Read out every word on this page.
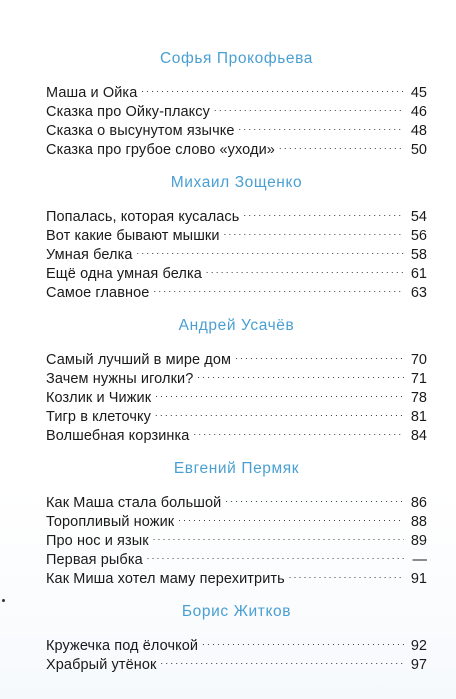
Софья Прокофьева
Маша и Ойка . . .	45
Сказка про Ойку-плаксу . . .	46
Сказка о высунутом язычке . . .	48
Сказка про грубое слово «уходи» . . .	50
Михаил Зощенко
Попалась, которая кусалась . . .	54
Вот какие бывают мышки . . .	56
Умная белка . . .	58
Ещё одна умная белка . . .	61
Самое главное . . .	63
Андрей Усачёв
Самый лучший в мире дом . . .	70
Зачем нужны иголки? . . .	71
Козлик и Чижик . . .	78
Тигр в клеточку . . .	81
Волшебная корзинка . . .	84
Евгений Пермяк
Как Маша стала большой . . .	86
Торопливый ножик . . .	88
Про нос и язык . . .	89
Первая рыбка . . .	—
Как Миша хотел маму перехитрить . . .	91
Борис Житков
Кружечка под ёлочкой . . .	92
Храбрый утёнок . . .	97
